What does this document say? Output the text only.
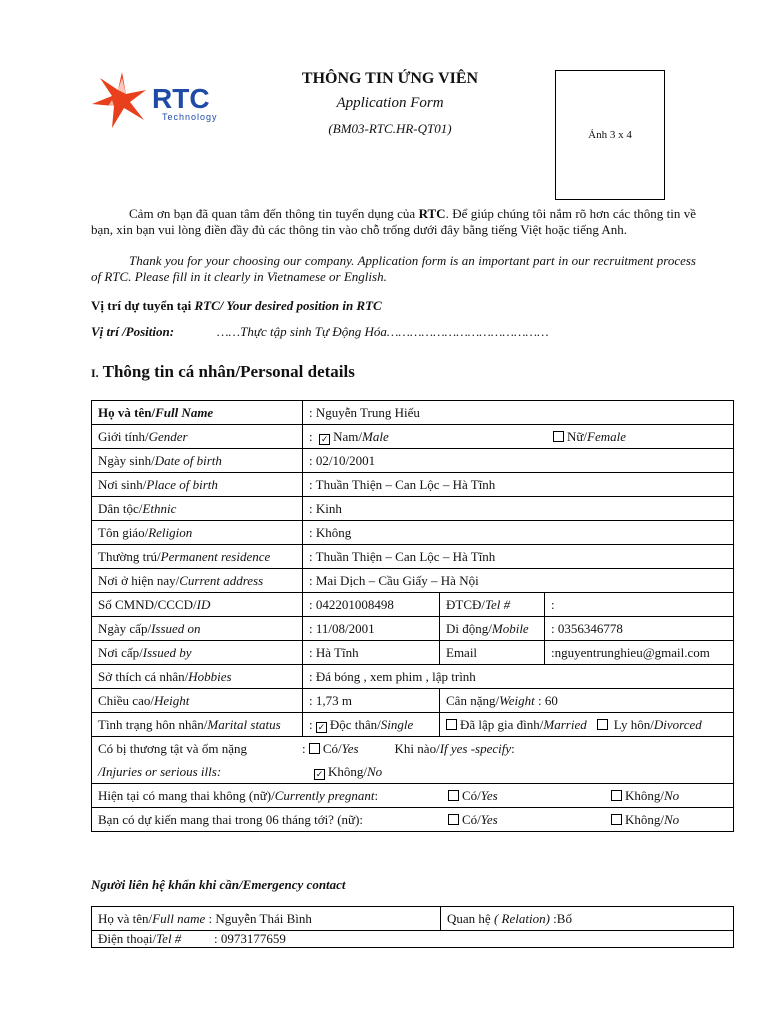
RTC
Technology
THÔNG TIN ỨNG VIÊN
Application Form
(BM03-RTC.HR-QT01)	Ảnh 3 x 4
Cảm ơn bạn đã quan tâm đến thông tin tuyển dụng của RTC. Để giúp chúng tôi nắm rõ hơn các thông tin về bạn, xin bạn vui lòng điền đầy đủ các thông tin vào chỗ trống dưới đây bằng tiếng Việt hoặc tiếng Anh.
Thank you for your choosing our company. Application form is an important part in our recruitment process of RTC. Please fill in it clearly in Vietnamese or English.
Vị trí dự tuyển tại RTC/ Your desired position in RTC
Vị trí /Position:	……Thực tập sinh Tự Động Hóa……………………………………
I. Thông tin cá nhân/Personal details
Họ và tên/Full Name	: Nguyễn Trung Hiếu		
Giới tính/Gender	:  ✓ Nam/Male Nữ/Female		

Ngày sinh/Date of birth	: 02/10/2001		
Nơi sinh/Place of birth	: Thuần Thiện – Can Lộc – Hà Tĩnh		
Dân tộc/Ethnic	: Kinh		
Tôn giáo/Religion	: Không		
Thường trú/Permanent residence	: Thuần Thiện – Can Lộc – Hà Tĩnh		
Nơi ở hiện nay/Current address	: Mai Dịch – Cầu Giấy – Hà Nội		
Số CMND/CCCD/ID	: 042201008498	ĐTCĐ/Tel #	:
Ngày cấp/Issued on	: 11/08/2001	Di động/Mobile	: 0356346778
Nơi cấp/Issued by	: Hà Tĩnh	Email	:nguyentrunghieu@gmail.com
Sở thích cá nhân/Hobbies	: Đá bóng , xem phim , lập trình		
Chiều cao/Height	: 1,73 m	Cân nặng/Weight : 60	
Tình trạng hôn nhân/Marital status	: ✓ Độc thân/Single	Đã lập gia đình/Married Ly hôn/Divorced	

Có bị thương tật và ốm nặng : Có/Yes Khi nào/If yes -specify:
/Injuries or serious ills: ✓ Không/No			

Hiện tại có mang thai không (nữ)/Currently pregnant: Có/Yes Không/No			

Bạn có dự kiến mang thai trong 06 tháng tới? (nữ): Có/Yes Không/No			
Người liên hệ khẩn khi cần/Emergency contact
Họ và tên/Full name : Nguyễn Thái Bình	Quan hệ ( Relation) :Bố
Điện thoại/Tel #	: 0973177659
